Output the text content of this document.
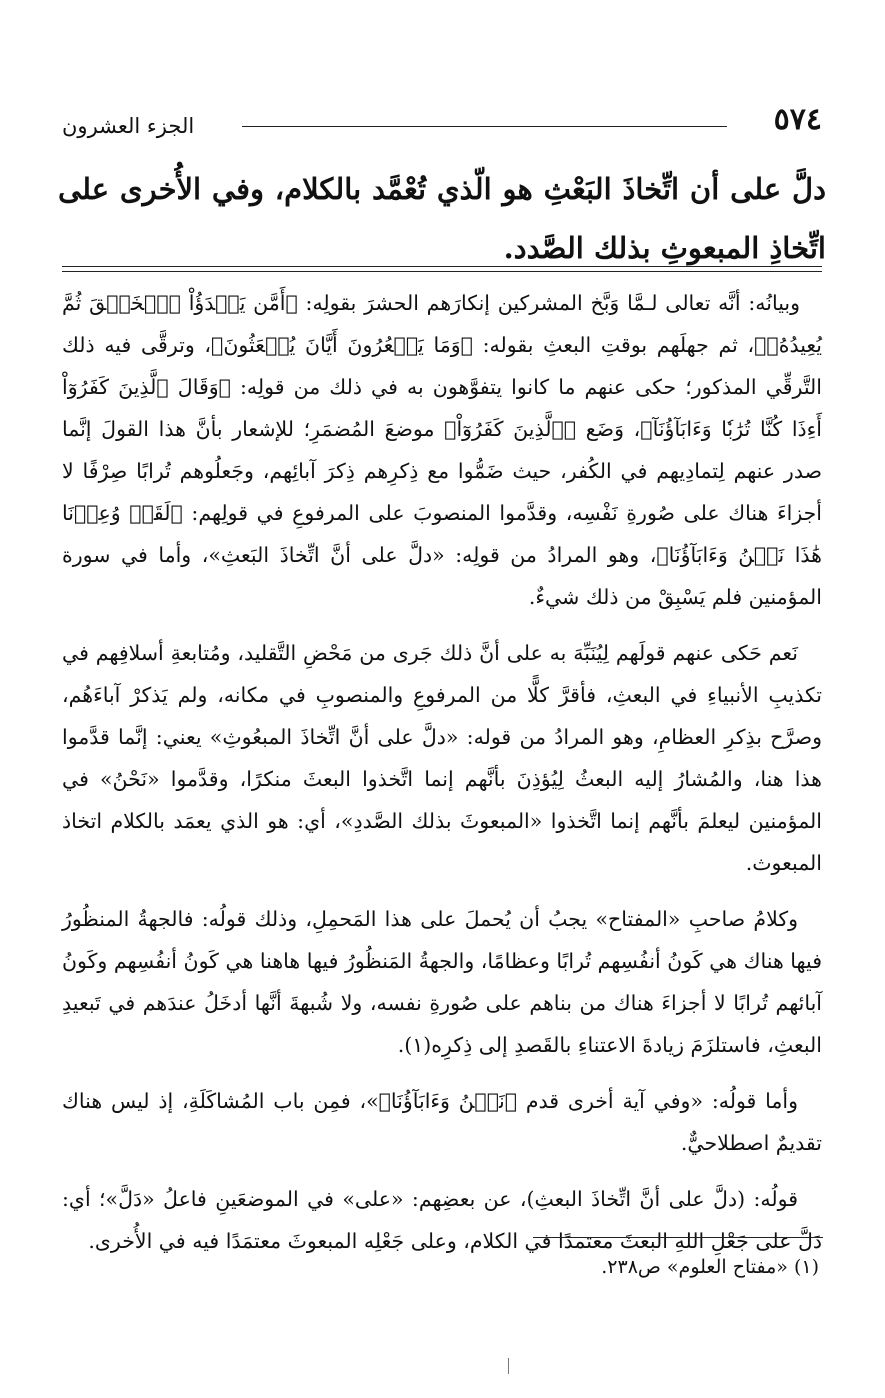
٥٧٤
الجزء العشرون

دلَّ على أن اتِّخاذَ البَعْثِ هو الّذي تُعْمَّد بالكلام، وفي الأُخرى على اتِّخاذِ المبعوثِ بذلك الصَّدد.

وبيانُه: أنَّه تعالى لـمَّا وَبَّخ المشركين إنكارَهم الحشرَ بقولِه: ﴿أَمَّن يَبۡدَؤُاْ ٱلۡخَلۡقَ ثُمَّ يُعِيدُهُۥ﴾، ثم جهلَهم بوقتِ البعثِ بقوله: ﴿وَمَا يَشۡعُرُونَ أَيَّانَ يُبۡعَثُونَ﴾، وترقَّى فيه ذلك التَّرقِّي المذكور؛ حكى عنهم ما كانوا يتفوَّهون به في ذلك من قولِه: ﴿وَقَالَ ٱلَّذِينَ كَفَرُوٓاْ أَءِذَا كُنَّا تُرَٰبٗا وَءَابَآؤُنَآ﴾، وَضَع ﴿ٱلَّذِينَ كَفَرُوٓاْ﴾ موضعَ المُضمَرِ؛ للإشعار بأنَّ هذا القولَ إنَّما صدر عنهم لِتمادِيهم في الكُفر، حيث ضَمُّوا مع ذِكرِهم ذِكرَ آبائِهم، وجَعلُوهم تُرابًا صِرْفًا لا أجزاءَ هناك على صُورةِ نَفْسِه، وقدَّموا المنصوبَ على المرفوعِ في قولِهم: ﴿لَقَدۡ وُعِدۡنَا هَٰذَا نَحۡنُ وَءَابَآؤُنَا﴾، وهو المرادُ من قولِه: «دلَّ على أنَّ اتِّخاذَ البَعثِ»، وأما في سورة المؤمنين فلم يَسْبِقْ من ذلك شيءٌ.

نَعم حَكى عنهم قولَهم لِيُنَبِّهَ به على أنَّ ذلك جَرى من مَحْضِ التَّقليد، ومُتابعةِ أسلافِهم في تكذيبِ الأنبياءِ في البعثِ، فأقرَّ كلًّا من المرفوعِ والمنصوبِ في مكانه، ولم يَذكرْ آباءَهُم، وصرَّح بذِكرِ العظامِ، وهو المرادُ من قوله: «دلَّ على أنَّ اتِّخاذَ المبعُوثِ» يعني: إنَّما قدَّموا هذا هنا، والمُشارُ إليه البعثُ لِيُؤذِنَ بأنَّهم إنما اتَّخذوا البعثَ منكرًا، وقدَّموا «نَحْنُ» في المؤمنين ليعلمَ بأنَّهم إنما اتَّخذوا «المبعوثَ بذلك الصَّددِ»، أي: هو الذي يعمَد بالكلام اتخاذ المبعوث.

وكلامُ صاحبِ «المفتاح» يجبُ أن يُحملَ على هذا المَحمِلِ، وذلك قولُه: فالجهةُ المنظُورُ فيها هناك هي كَونُ أنفُسِهم تُرابًا وعظامًا، والجهةُ المَنظُورُ فيها هاهنا هي كَونُ أنفُسِهم وكَونُ آبائهم تُرابًا لا أجزاءَ هناك من بناهم على صُورةِ نفسه، ولا شُبهةَ أنَّها أدخَلُ عندَهم في تَبعيدِ البعثِ، فاستلزَمَ زيادةَ الاعتناءِ بالقَصدِ إلى ذِكرِه(١).

وأما قولُه: «وفي آية أخرى قدم ﴿نَحۡنُ وَءَابَآؤُنَا﴾»، فمِن باب المُشاكَلَةِ، إذ ليس هناك تقديمٌ اصطلاحيٌّ.

قولُه: (دلَّ على أنَّ اتِّخاذَ البعثِ)، عن بعضِهم: «على» في الموضعَينِ فاعلُ «دَلَّ»؛ أي: دَلَّ على جَعْلِ اللهِ البعثَ معتمدًا في الكلام، وعلى جَعْلِه المبعوثَ معتمَدًا فيه في الأُخرى.

(١) «مفتاح العلوم» ص٢٣٨.
